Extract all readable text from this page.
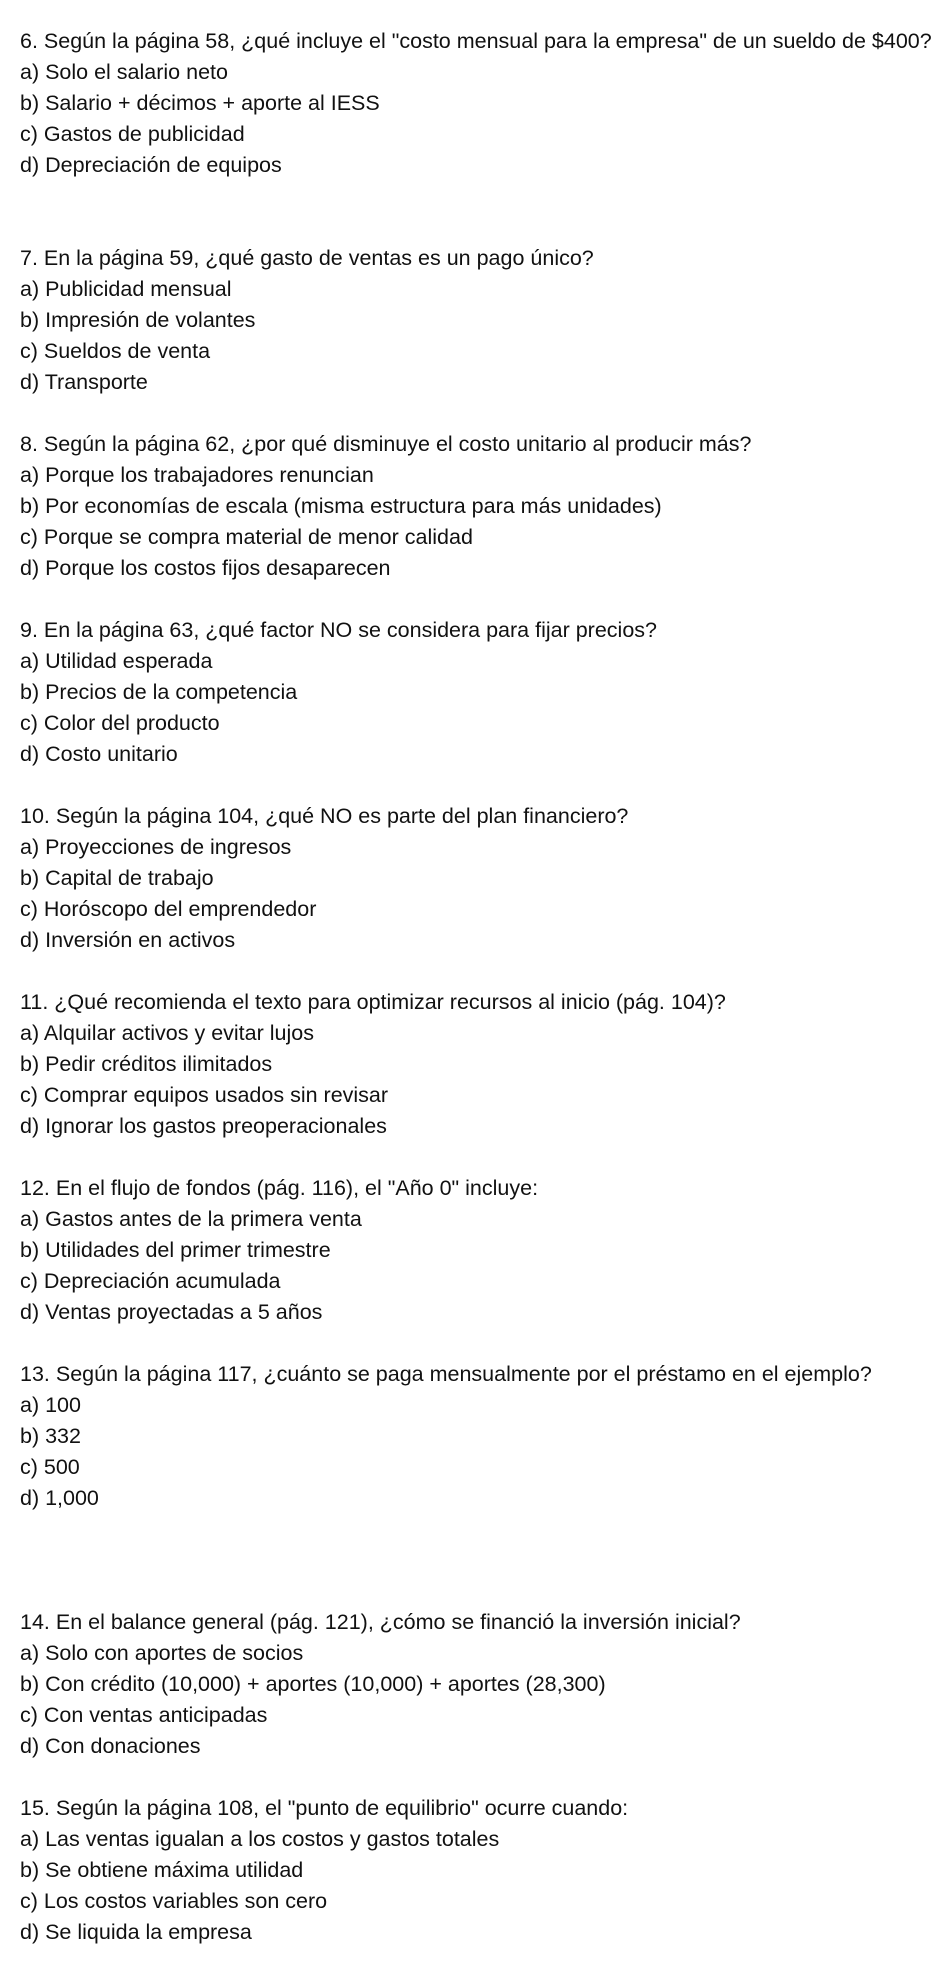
6. Según la página 58, ¿qué incluye el "costo mensual para la empresa" de un sueldo de $400?

a) Solo el salario neto

b) Salario + décimos + aporte al IESS

c) Gastos de publicidad

d) Depreciación de equipos

7. En la página 59, ¿qué gasto de ventas es un pago único?

a) Publicidad mensual

b) Impresión de volantes

c) Sueldos de venta

d) Transporte

8. Según la página 62, ¿por qué disminuye el costo unitario al producir más?

a) Porque los trabajadores renuncian

b) Por economías de escala (misma estructura para más unidades)

c) Porque se compra material de menor calidad

d) Porque los costos fijos desaparecen

9. En la página 63, ¿qué factor NO se considera para fijar precios?

a) Utilidad esperada

b) Precios de la competencia

c) Color del producto

d) Costo unitario

10. Según la página 104, ¿qué NO es parte del plan financiero?

a) Proyecciones de ingresos

b) Capital de trabajo

c) Horóscopo del emprendedor

d) Inversión en activos

11. ¿Qué recomienda el texto para optimizar recursos al inicio (pág. 104)?

a) Alquilar activos y evitar lujos

b) Pedir créditos ilimitados

c) Comprar equipos usados sin revisar

d) Ignorar los gastos preoperacionales

12. En el flujo de fondos (pág. 116), el "Año 0" incluye:

a) Gastos antes de la primera venta

b) Utilidades del primer trimestre

c) Depreciación acumulada

d) Ventas proyectadas a 5 años

13. Según la página 117, ¿cuánto se paga mensualmente por el préstamo en el ejemplo?

a) 100

b) 332

c) 500

d) 1,000

14. En el balance general (pág. 121), ¿cómo se financió la inversión inicial?

a) Solo con aportes de socios

b) Con crédito (10,000) + aportes (10,000) + aportes (28,300)

c) Con ventas anticipadas

d) Con donaciones

15. Según la página 108, el "punto de equilibrio" ocurre cuando:

a) Las ventas igualan a los costos y gastos totales

b) Se obtiene máxima utilidad

c) Los costos variables son cero

d) Se liquida la empresa
